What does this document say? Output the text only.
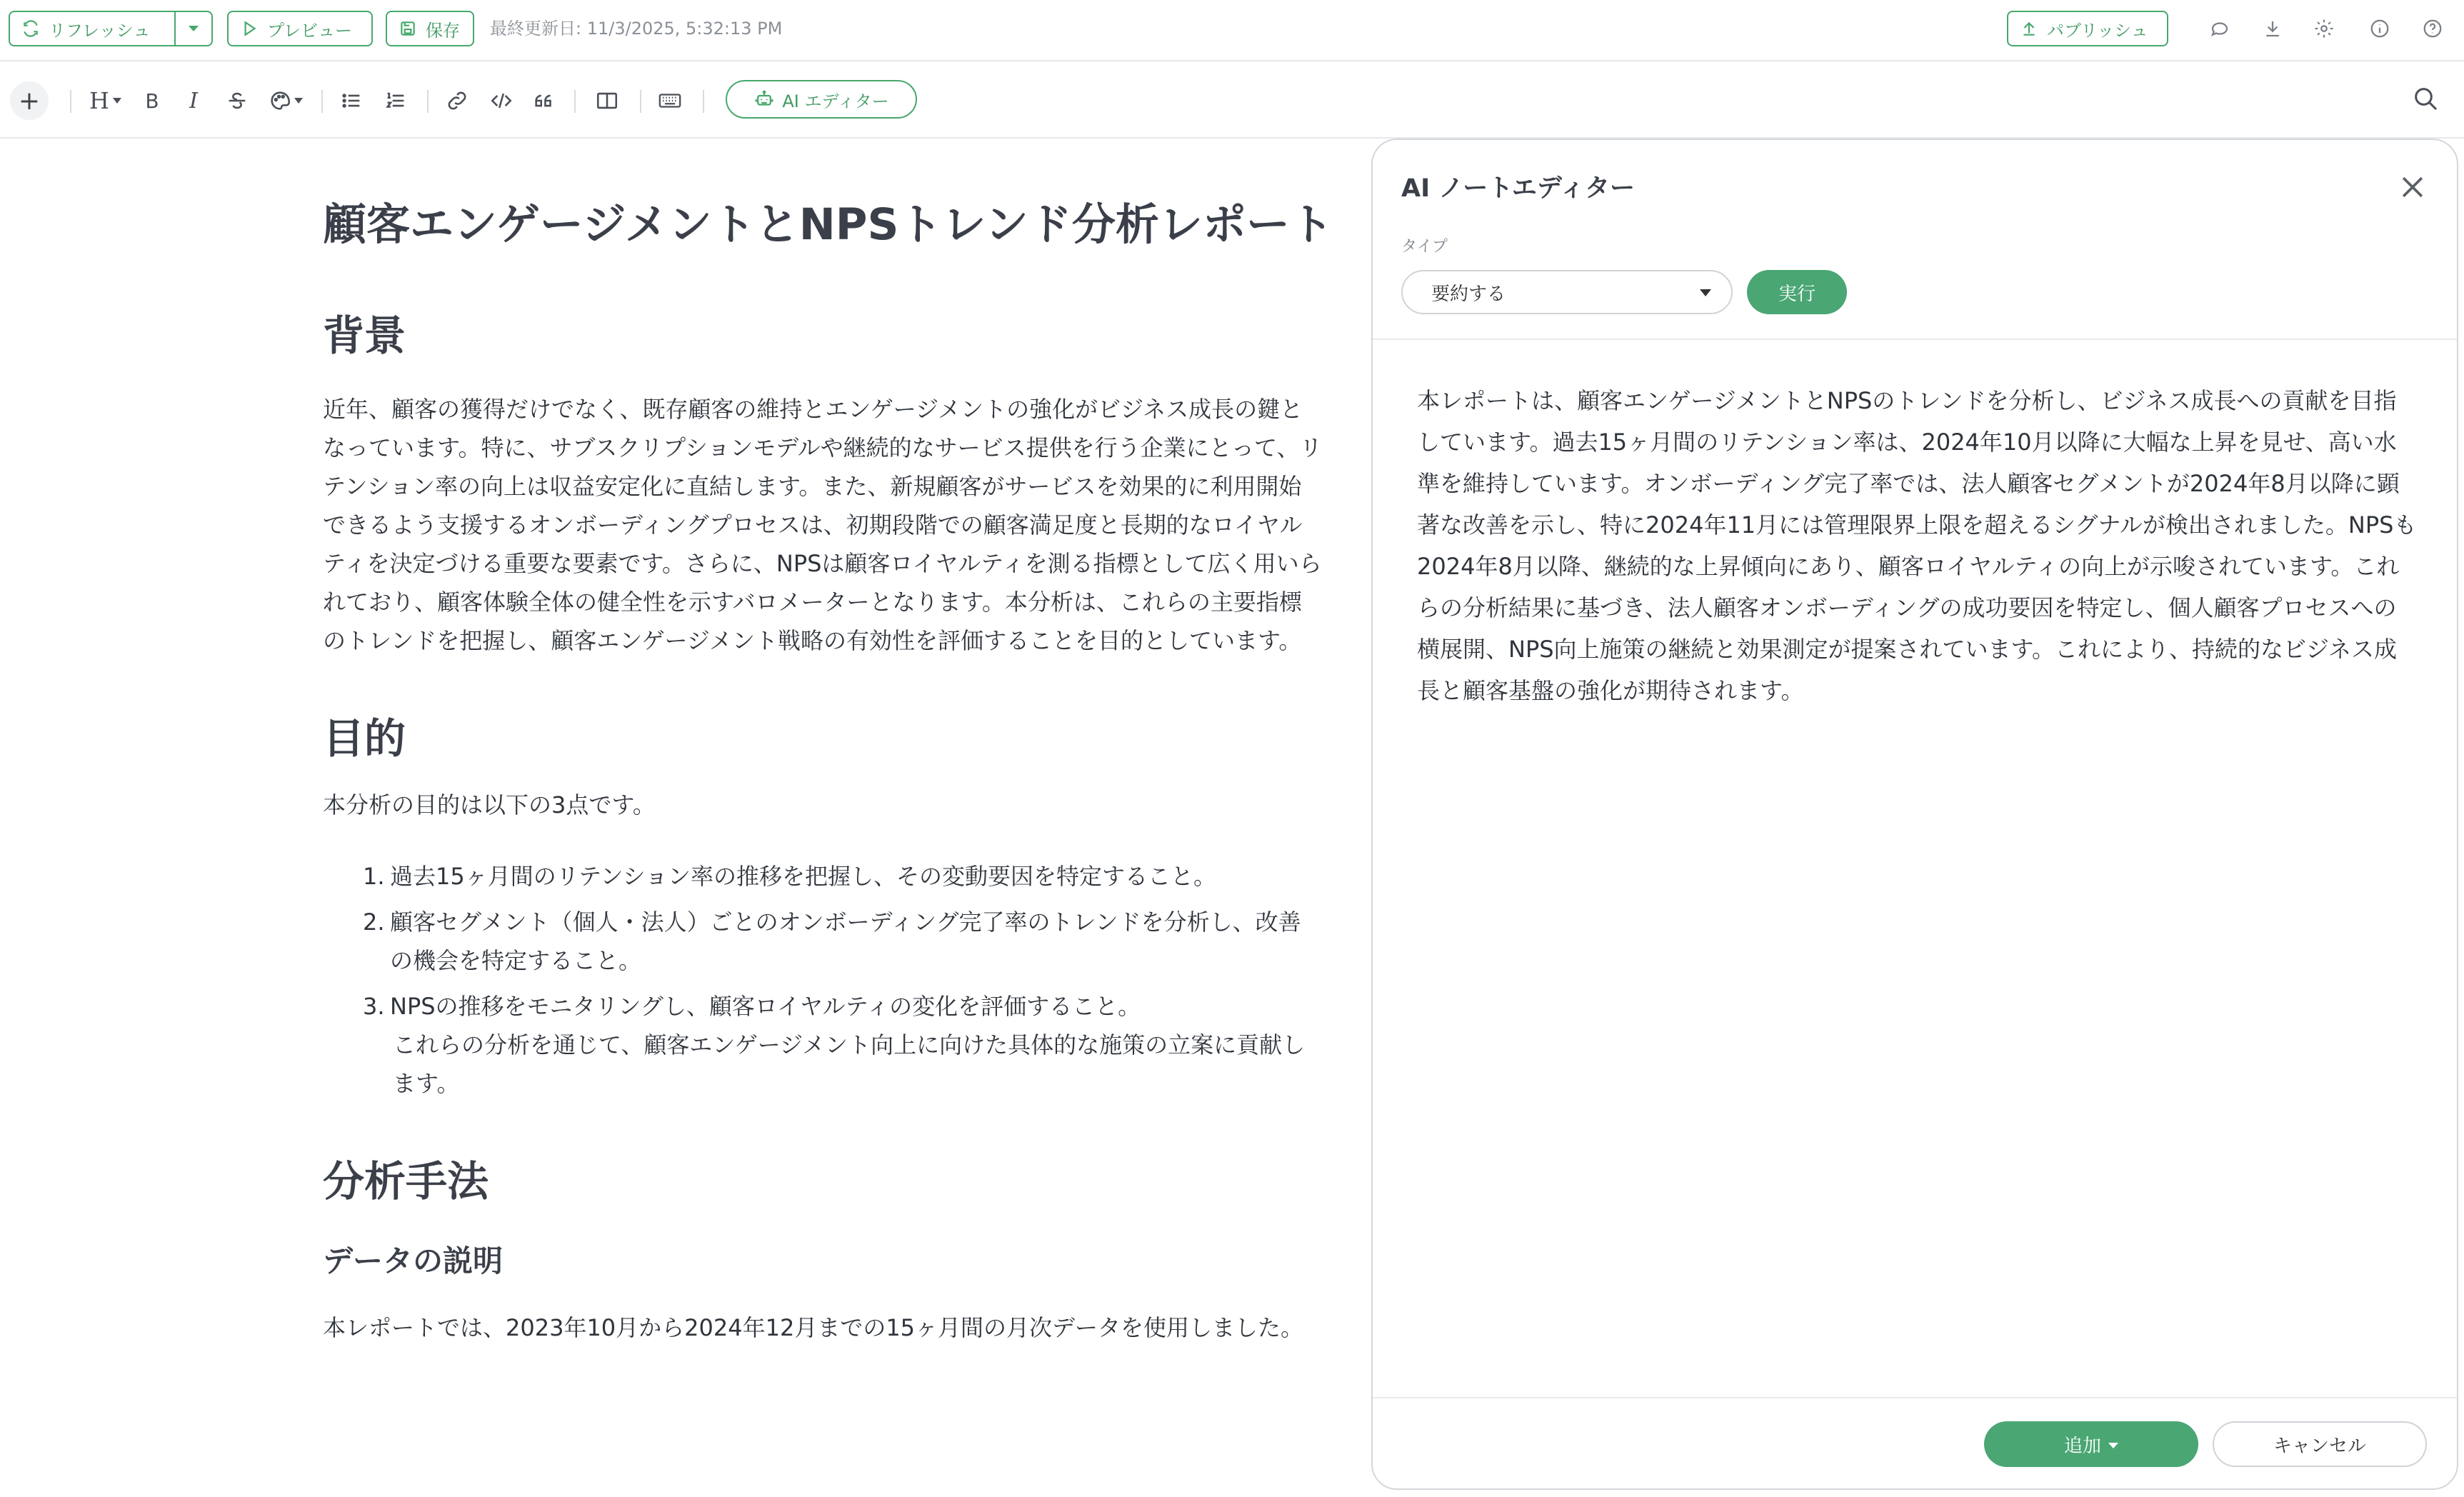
リフレッシュ	プレビュー	保存 最終更新日: 11/3/2025, 5:32:13 PM	パブリッシュ
+	H B I	AI エディター
顧客エンゲージメントとNPSトレンド分析レポート
背景

近年、顧客の獲得だけでなく、既存顧客の維持とエンゲージメントの強化がビジネス成長の鍵となっています。特に、サブスクリプションモデルや継続的なサービス提供を行う企業にとって、リテンション率の向上は収益安定化に直結します。また、新規顧客がサービスを効果的に利用開始できるよう支援するオンボーディングプロセスは、初期段階での顧客満足度と長期的なロイヤルティを決定づける重要な要素です。さらに、NPSは顧客ロイヤルティを測る指標として広く用いられており、顧客体験全体の健全性を示すバロメーターとなります。本分析は、これらの主要指標のトレンドを把握し、顧客エンゲージメント戦略の有効性を評価することを目的としています。

目的

本分析の目的は以下の3点です。

1. 過去15ヶ月間のリテンション率の推移を把握し、その変動要因を特定すること。
2. 顧客セグメント（個人・法人）ごとのオンボーディング完了率のトレンドを分析し、改善の機会を特定すること。
3. NPSの推移をモニタリングし、顧客ロイヤルティの変化を評価すること。

これらの分析を通じて、顧客エンゲージメント向上に向けた具体的な施策の立案に貢献します。

分析手法
データの説明

本レポートでは、2023年10月から2024年12月までの15ヶ月間の月次データを使用しました。

AI ノートエディター
タイプ
要約する	実行
本レポートは、顧客エンゲージメントとNPSのトレンドを分析し、ビジネス成長への貢献を目指しています。過去15ヶ月間のリテンション率は、2024年10月以降に大幅な上昇を見せ、高い水準を維持しています。オンボーディング完了率では、法人顧客セグメントが2024年8月以降に顕著な改善を示し、特に2024年11月には管理限界上限を超えるシグナルが検出されました。NPSも2024年8月以降、継続的な上昇傾向にあり、顧客ロイヤルティの向上が示唆されています。これらの分析結果に基づき、法人顧客オンボーディングの成功要因を特定し、個人顧客プロセスへの横展開、NPS向上施策の継続と効果測定が提案されています。これにより、持続的なビジネス成長と顧客基盤の強化が期待されます。
追加	キャンセル
